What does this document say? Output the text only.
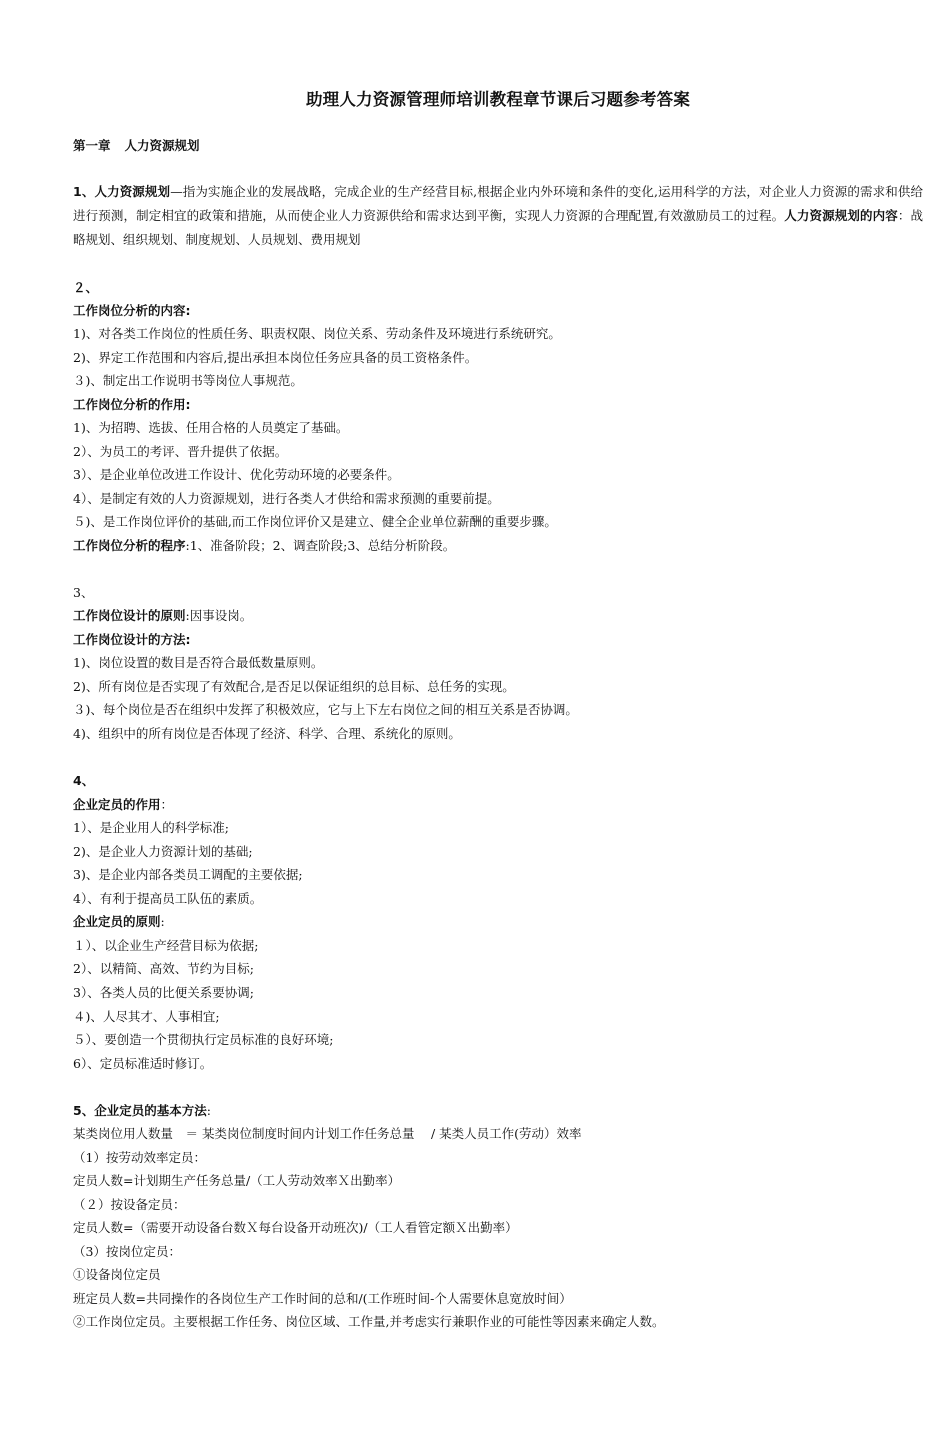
助理人力资源管理师培训教程章节课后习题参考答案
第一章 人力资源规划
1、人力资源规划—指为实施企业的发展战略，完成企业的生产经营目标,根据企业内外环境和条件的变化,运用科学的方法，对企业人力资源的需求和供给进行预测，制定相宜的政策和措施，从而使企业人力资源供给和需求达到平衡，实现人力资源的合理配置,有效激励员工的过程。人力资源规划的内容：战略规划、组织规划、制度规划、人员规划、费用规划
２、
工作岗位分析的内容:
1)、对各类工作岗位的性质任务、职责权限、岗位关系、劳动条件及环境进行系统研究。
2)、界定工作范围和内容后,提出承担本岗位任务应具备的员工资格条件。
３)、制定出工作说明书等岗位人事规范。
工作岗位分析的作用:
1)、为招聘、选拔、任用合格的人员奠定了基础。
2）、为员工的考评、晋升提供了依据。
3）、是企业单位改进工作设计、优化劳动环境的必要条件。
4）、是制定有效的人力资源规划，进行各类人才供给和需求预测的重要前提。
５)、是工作岗位评价的基础,而工作岗位评价又是建立、健全企业单位薪酬的重要步骤。
工作岗位分析的程序:1、准备阶段；2、调查阶段;3、总结分析阶段。
3、
工作岗位设计的原则:因事设岗。
工作岗位设计的方法:
1)、岗位设置的数目是否符合最低数量原则。
2)、所有岗位是否实现了有效配合,是否足以保证组织的总目标、总任务的实现。
３)、每个岗位是否在组织中发挥了积极效应，它与上下左右岗位之间的相互关系是否协调。
4)、组织中的所有岗位是否体现了经济、科学、合理、系统化的原则。
4、
企业定员的作用：
1）、是企业用人的科学标准;
2)、是企业人力资源计划的基础;
3)、是企业内部各类员工调配的主要依据;
4）、有利于提高员工队伍的素质。
企业定员的原则:
１）、以企业生产经营目标为依据;
2）、以精简、高效、节约为目标;
3）、各类人员的比便关系要协调;
４)、人尽其才、人事相宜;
５）、要创造一个贯彻执行定员标准的良好环境;
6）、定员标准适时修订。
5、企业定员的基本方法:
某类岗位用人数量　＝ 某类岗位制度时间内计划工作任务总量　 / 某类人员工作(劳动）效率
（1）按劳动效率定员：
定员人数=计划期生产任务总量/（工人劳动效率Ｘ出勤率）
（２）按设备定员：
定员人数=（需要开动设备台数Ｘ每台设备开动班次)/（工人看管定额Ｘ出勤率）
（3）按岗位定员：
①设备岗位定员
班定员人数=共同操作的各岗位生产工作时间的总和/(工作班时间-个人需要休息宽放时间）
②工作岗位定员。主要根据工作任务、岗位区域、工作量,并考虑实行兼职作业的可能性等因素来确定人数。
